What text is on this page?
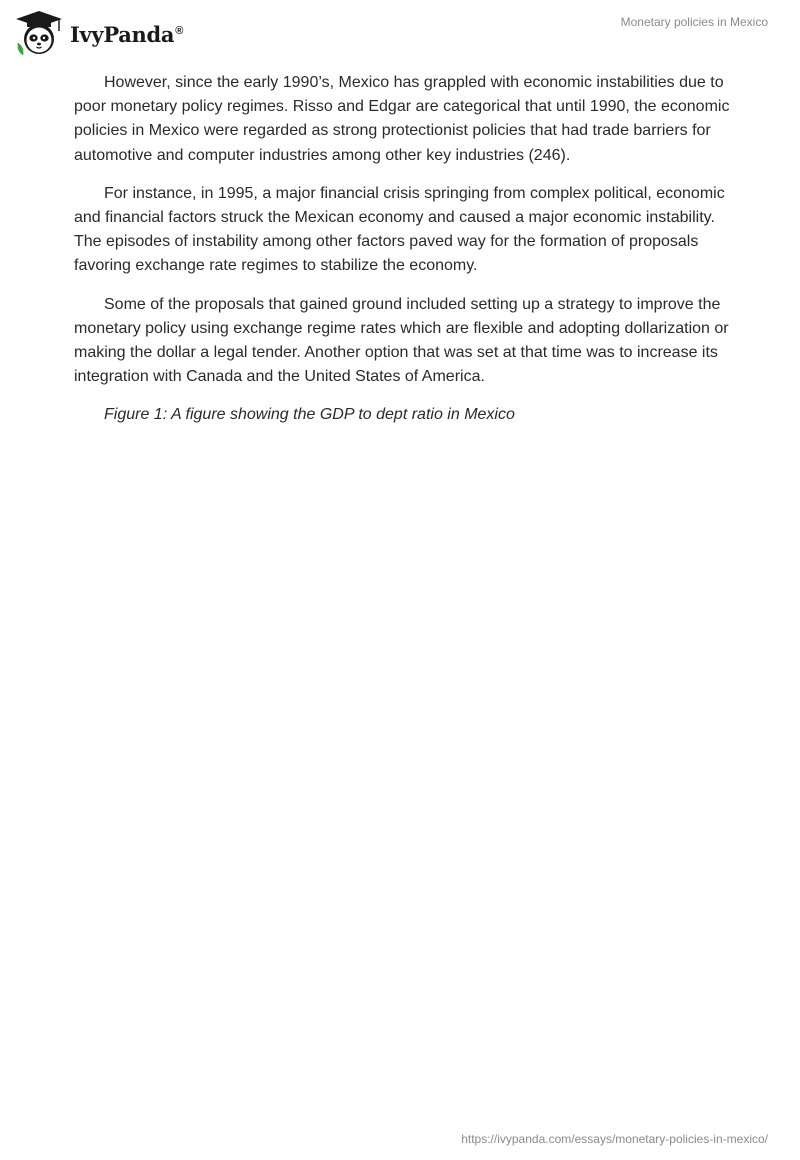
IvyPanda®
Monetary policies in Mexico

However, since the early 1990’s, Mexico has grappled with economic instabilities due to poor monetary policy regimes. Risso and Edgar are categorical that until 1990, the economic policies in Mexico were regarded as strong protectionist policies that had trade barriers for automotive and computer industries among other key industries (246).

For instance, in 1995, a major financial crisis springing from complex political, economic and financial factors struck the Mexican economy and caused a major economic instability. The episodes of instability among other factors paved way for the formation of proposals favoring exchange rate regimes to stabilize the economy.

Some of the proposals that gained ground included setting up a strategy to improve the monetary policy using exchange regime rates which are flexible and adopting dollarization or making the dollar a legal tender. Another option that was set at that time was to increase its integration with Canada and the United States of America.

Figure 1: A figure showing the GDP to dept ratio in Mexico

https://ivypanda.com/essays/monetary-policies-in-mexico/
